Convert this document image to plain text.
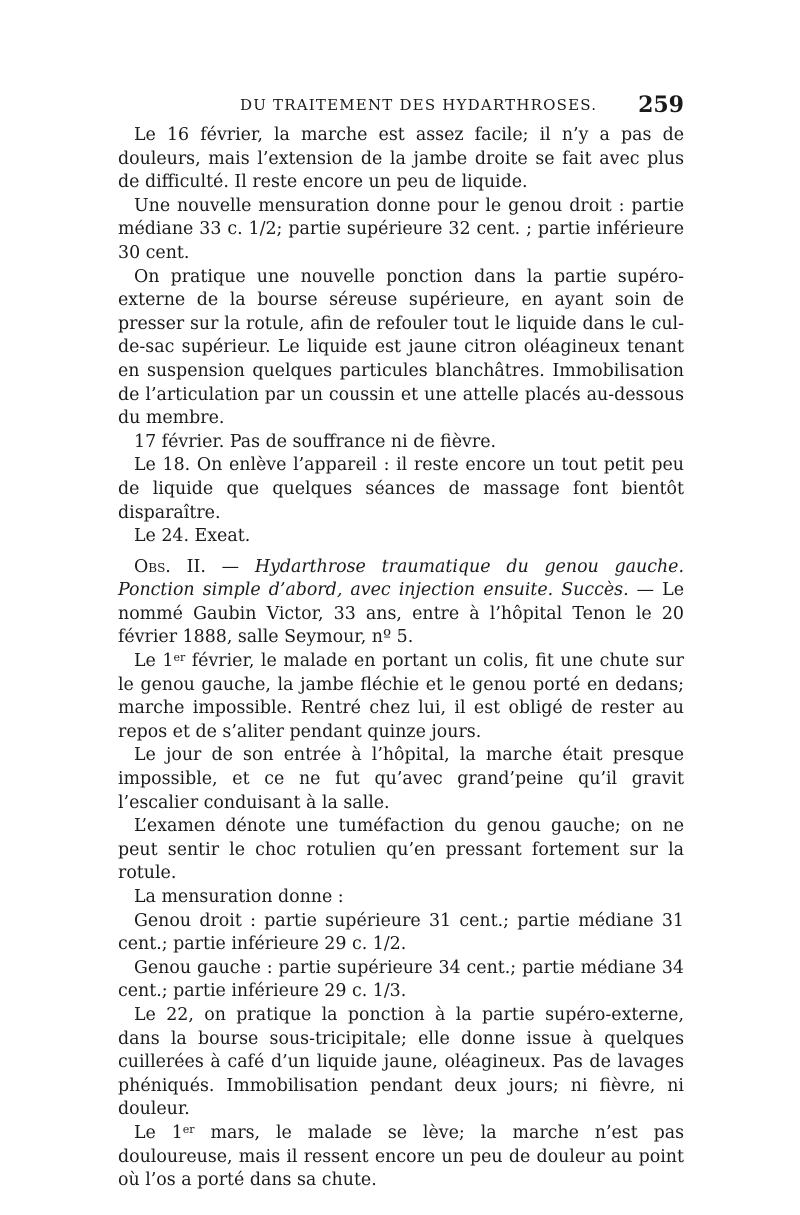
DU TRAITEMENT DES HYDARTHROSES. 259

Le 16 février, la marche est assez facile; il n’y a pas de douleurs, mais l’extension de la jambe droite se fait avec plus de difficulté. Il reste encore un peu de liquide.

Une nouvelle mensuration donne pour le genou droit : partie médiane 33 c. 1/2; partie supérieure 32 cent. ; partie inférieure 30 cent.

On pratique une nouvelle ponction dans la partie supéro-externe de la bourse séreuse supérieure, en ayant soin de presser sur la rotule, afin de refouler tout le liquide dans le cul-de-sac supérieur. Le liquide est jaune citron oléagineux tenant en suspension quelques particules blanchâtres. Immobilisation de l’articulation par un coussin et une attelle placés au-dessous du membre.

17 février. Pas de souffrance ni de fièvre.

Le 18. On enlève l’appareil : il reste encore un tout petit peu de liquide que quelques séances de massage font bientôt disparaître.

Le 24. Exeat.

Obs. II. — Hydarthrose traumatique du genou gauche. Ponction simple d’abord, avec injection ensuite. Succès. — Le nommé Gaubin Victor, 33 ans, entre à l’hôpital Tenon le 20 février 1888, salle Seymour, nº 5.

Le 1er février, le malade en portant un colis, fit une chute sur le genou gauche, la jambe fléchie et le genou porté en dedans; marche impossible. Rentré chez lui, il est obligé de rester au repos et de s’aliter pendant quinze jours.

Le jour de son entrée à l’hôpital, la marche était presque impossible, et ce ne fut qu’avec grand’peine qu’il gravit l’escalier conduisant à la salle.

L’examen dénote une tuméfaction du genou gauche; on ne peut sentir le choc rotulien qu’en pressant fortement sur la rotule.

La mensuration donne :

Genou droit : partie supérieure 31 cent.; partie médiane 31 cent.; partie inférieure 29 c. 1/2.

Genou gauche : partie supérieure 34 cent.; partie médiane 34 cent.; partie inférieure 29 c. 1/3.

Le 22, on pratique la ponction à la partie supéro-externe, dans la bourse sous-tricipitale; elle donne issue à quelques cuillerées à café d’un liquide jaune, oléagineux. Pas de lavages phéniqués. Immobilisation pendant deux jours; ni fièvre, ni douleur.

Le 1er mars, le malade se lève; la marche n’est pas douloureuse, mais il ressent encore un peu de douleur au point où l’os a porté dans sa chute.
